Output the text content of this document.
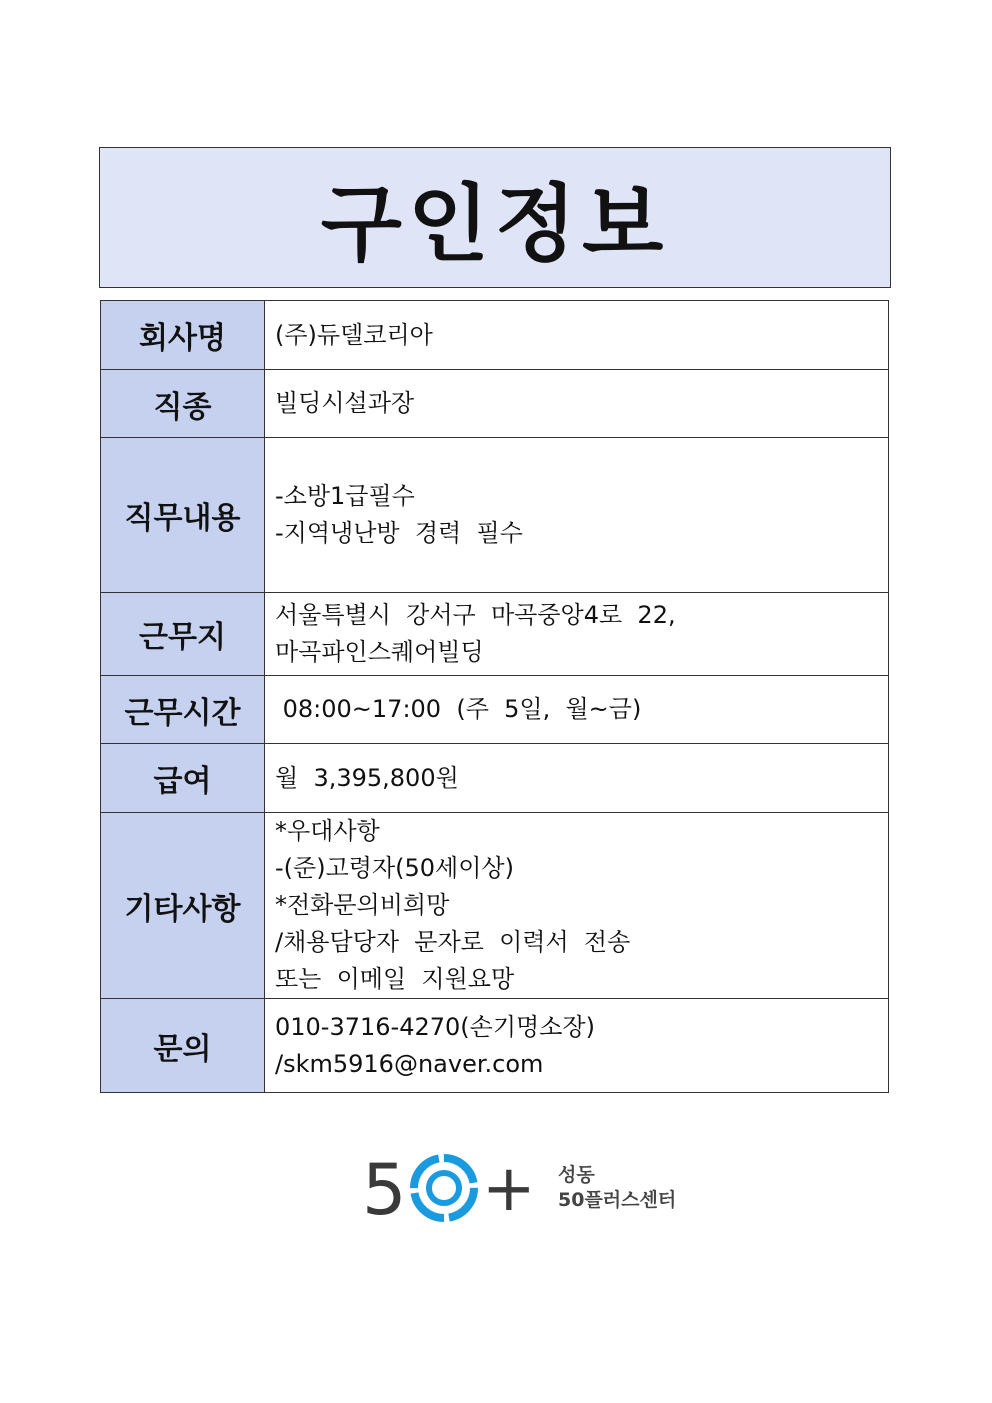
구인정보
회사명	(주)듀델코리아

직종	빌딩시설과장

직무내용	-소방1급필수
-지역냉난방  경력  필수

근무지	서울특별시  강서구  마곡중앙4로  22,
마곡파인스퀘어빌딩

근무시간	08:00~17:00  (주  5일,  월~금)

급여	월  3,395,800원

기타사항	*우대사항
-(준)고령자(50세이상)
*전화문의비희망
/채용담당자  문자로  이력서  전송
또는  이메일  지원요망

문의	010-3716-4270(손기명소장)
/skm5916@naver.com
5 + 성동
50플러스센터
